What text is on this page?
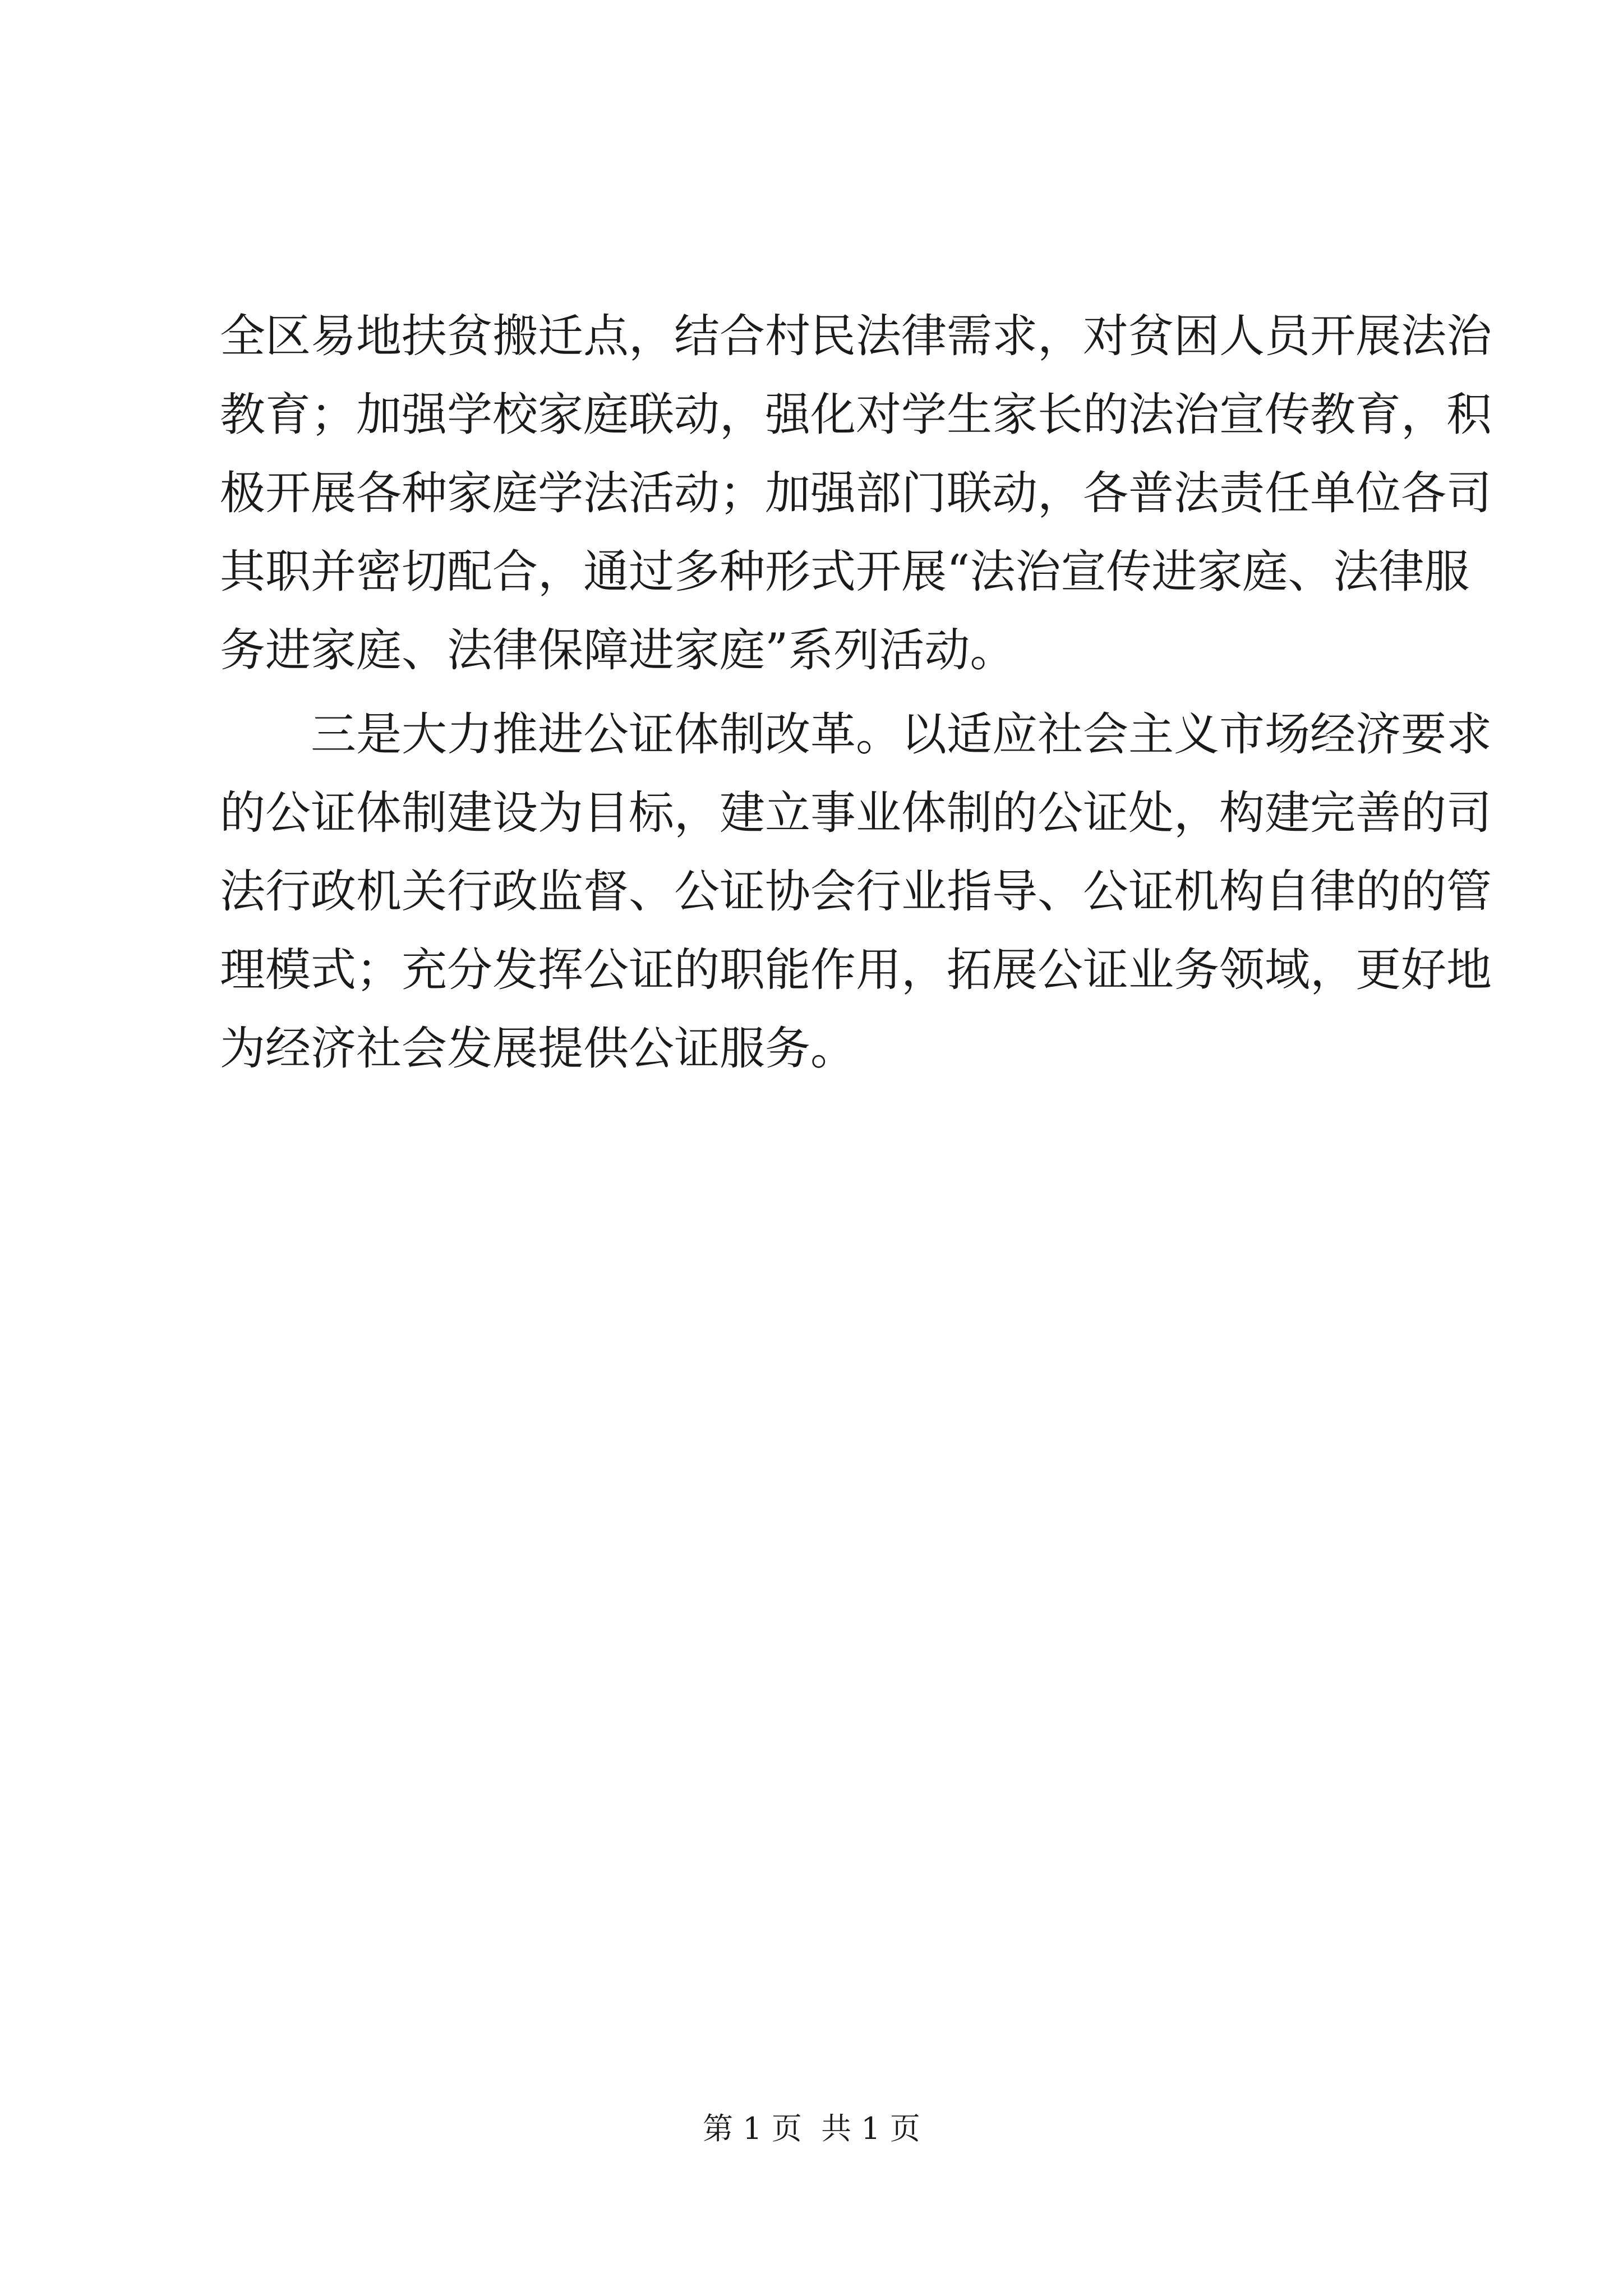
全区易地扶贫搬迁点，结合村民法律需求，对贫困人员开展法治
教育；加强学校家庭联动，强化对学生家长的法治宣传教育，积
极开展各种家庭学法活动；加强部门联动，各普法责任单位各司
其职并密切配合，通过多种形式开展“法治宣传进家庭、法律服
务进家庭、法律保障进家庭”系列活动。
三是大力推进公证体制改革。以适应社会主义市场经济要求
的公证体制建设为目标，建立事业体制的公证处，构建完善的司
法行政机关行政监督、公证协会行业指导、公证机构自律的的管
理模式；充分发挥公证的职能作用，拓展公证业务领域，更好地
为经济社会发展提供公证服务。
第 1 页  共 1 页
